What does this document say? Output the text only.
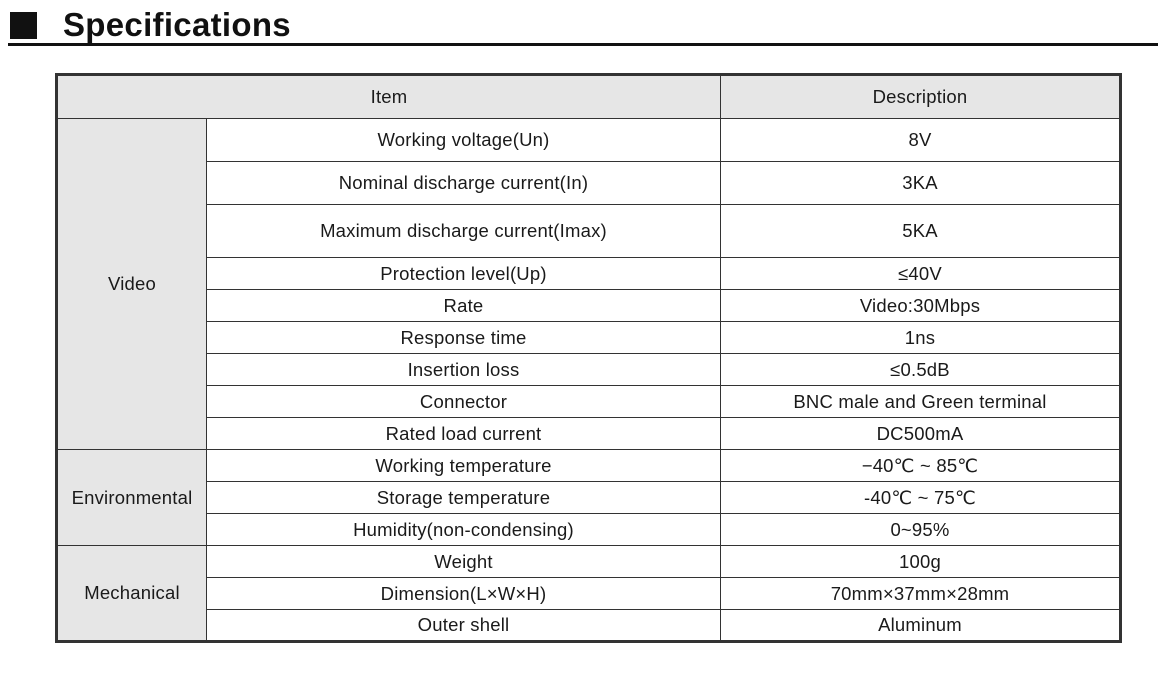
Specifications
Item		Description
Video	Working voltage(Un)	8V
	Nominal discharge current(In)	3KA
	Maximum discharge current(Imax)	5KA
	Protection level(Up)	≤40V
	Rate	Video:30Mbps
	Response time	1ns
	Insertion loss	≤0.5dB
	Connector	BNC male and Green terminal
	Rated load current	DC500mA
Environmental	Working temperature	−40℃ ~ 85℃
	Storage temperature	-40℃ ~ 75℃
	Humidity(non-condensing)	0~95%
Mechanical	Weight	100g
	Dimension(L×W×H)	70mm×37mm×28mm
	Outer shell	Aluminum
